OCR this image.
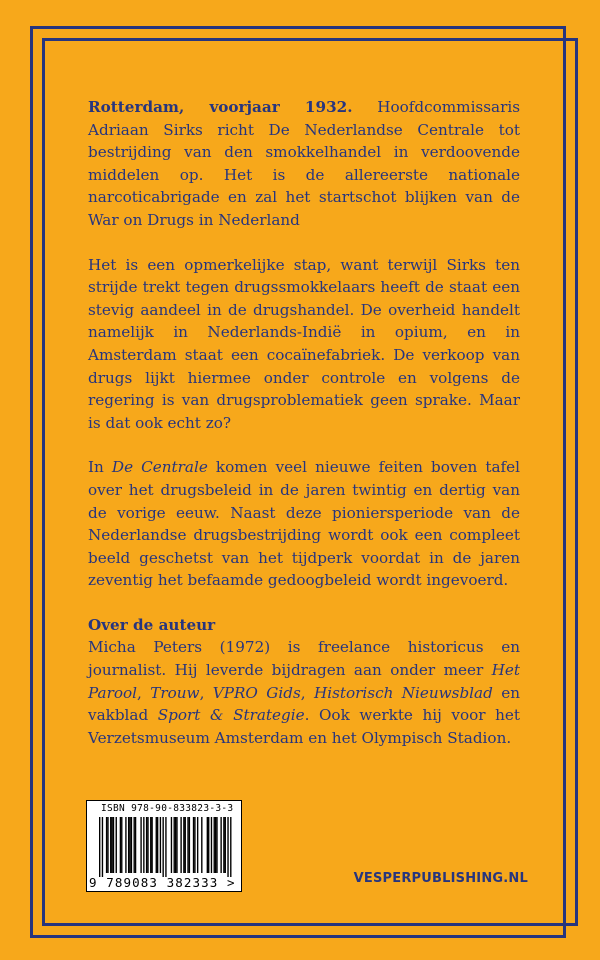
Rotterdam, voorjaar 1932. Hoofdcommissaris Adriaan Sirks richt De Nederlandse Centrale tot bestrijding van den smokkelhandel in verdoovende middelen op. Het is de allereerste nationale narcoticabrigade en zal het startschot blijken van de War on Drugs in Nederland

Het is een opmerkelijke stap, want terwijl Sirks ten strijde trekt tegen drugssmokkelaars heeft de staat een stevig aandeel in de drugshandel. De overheid handelt namelijk in Nederlands-Indië in opium, en in Amsterdam staat een cocaïnefabriek. De verkoop van drugs lijkt hiermee onder controle en volgens de regering is van drugsproblematiek geen sprake. Maar is dat ook echt zo?

In De Centrale komen veel nieuwe feiten boven tafel over het drugsbeleid in de jaren twintig en dertig van de vorige eeuw. Naast deze pioniersperiode van de Nederlandse drugsbestrijding wordt ook een compleet beeld geschetst van het tijdperk voordat in de jaren zeventig het befaamde gedoogbeleid wordt ingevoerd.

Over de auteur

Micha Peters (1972) is freelance historicus en journalist. Hij leverde bijdragen aan onder meer Het Parool, Trouw, VPRO Gids, Historisch Nieuwsblad en vakblad Sport & Strategie. Ook werkte hij voor het Verzetsmuseum Amsterdam en het Olympisch Stadion.

ISBN 978-90-833823-3-3
9 789083 382333 >	VESPERPUBLISHING.NL
